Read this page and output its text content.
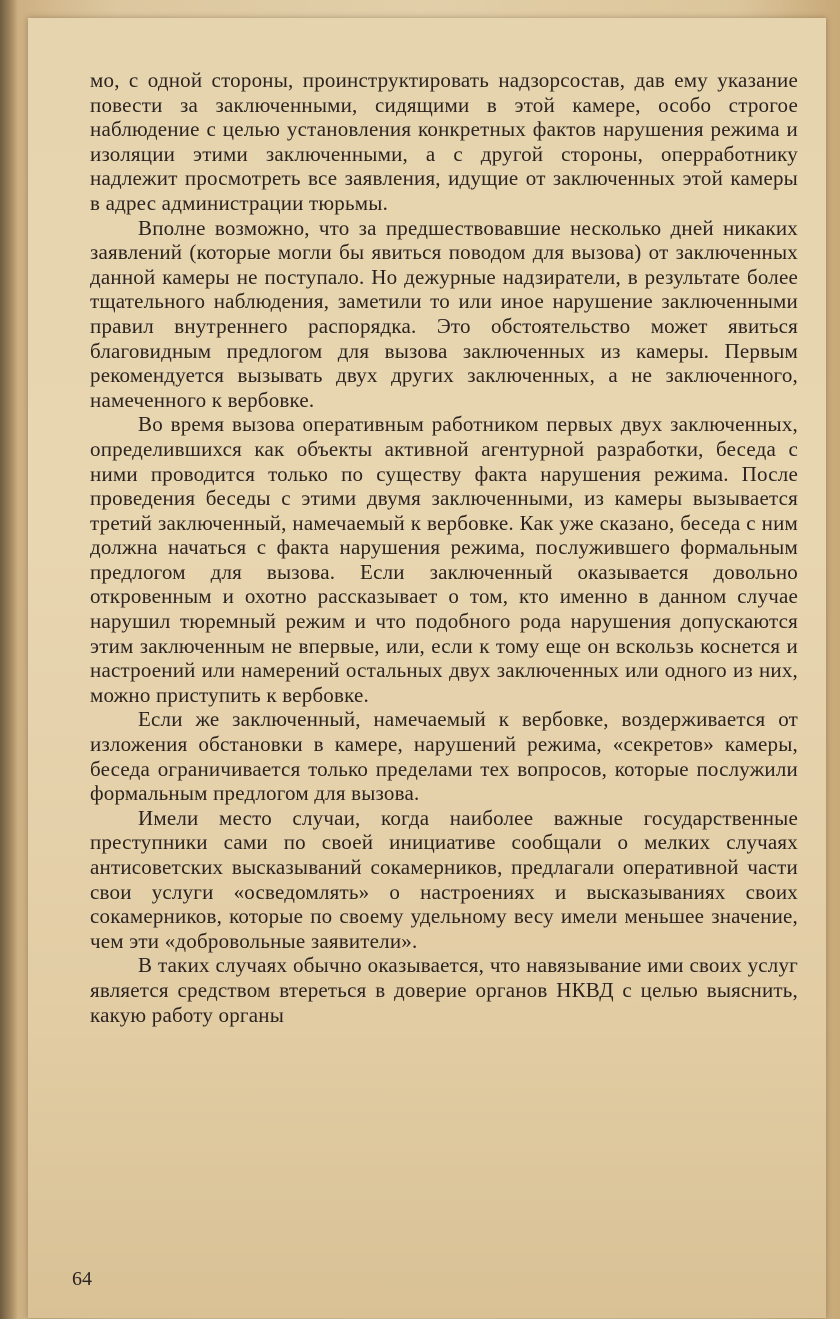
мо, с одной стороны, проинструктировать надзорсостав, дав ему указание повести за заключенными, сидящими в этой камере, особо строгое наблюдение с целью установления конкретных фактов нарушения режима и изоляции этими заключенными, а с другой стороны, оперработнику надлежит просмотреть все заявления, идущие от заключенных этой камеры в адрес администрации тюрьмы.

Вполне возможно, что за предшествовавшие несколько дней никаких заявлений (которые могли бы явиться поводом для вызова) от заключенных данной камеры не поступало. Но дежурные надзиратели, в результате более тщательного наблюдения, заметили то или иное нарушение заключенными правил внутреннего распорядка. Это обстоятельство может явиться благовидным предлогом для вызова заключенных из камеры. Первым рекомендуется вызывать двух других заключенных, а не заключенного, намеченного к вербовке.

Во время вызова оперативным работником первых двух заключенных, определившихся как объекты активной агентурной разработки, беседа с ними проводится только по существу факта нарушения режима. После проведения беседы с этими двумя заключенными, из камеры вызывается третий заключенный, намечаемый к вербовке. Как уже сказано, беседа с ним должна начаться с факта нарушения режима, послужившего формальным предлогом для вызова. Если заключенный оказывается довольно откровенным и охотно рассказывает о том, кто именно в данном случае нарушил тюремный режим и что подобного рода нарушения допускаются этим заключенным не впервые, или, если к тому еще он вскользь коснется и настроений или намерений остальных двух заключенных или одного из них, можно приступить к вербовке.

Если же заключенный, намечаемый к вербовке, воздерживается от изложения обстановки в камере, нарушений режима, «секретов» камеры, беседа ограничивается только пределами тех вопросов, которые послужили формальным предлогом для вызова.

Имели место случаи, когда наиболее важные государственные преступники сами по своей инициативе сообщали о мелких случаях антисоветских высказываний сокамерников, предлагали оперативной части свои услуги «осведомлять» о настроениях и высказываниях своих сокамерников, которые по своему удельному весу имели меньшее значение, чем эти «добровольные заявители».

В таких случаях обычно оказывается, что навязывание ими своих услуг является средством втереться в доверие органов НКВД с целью выяснить, какую работу органы

64
